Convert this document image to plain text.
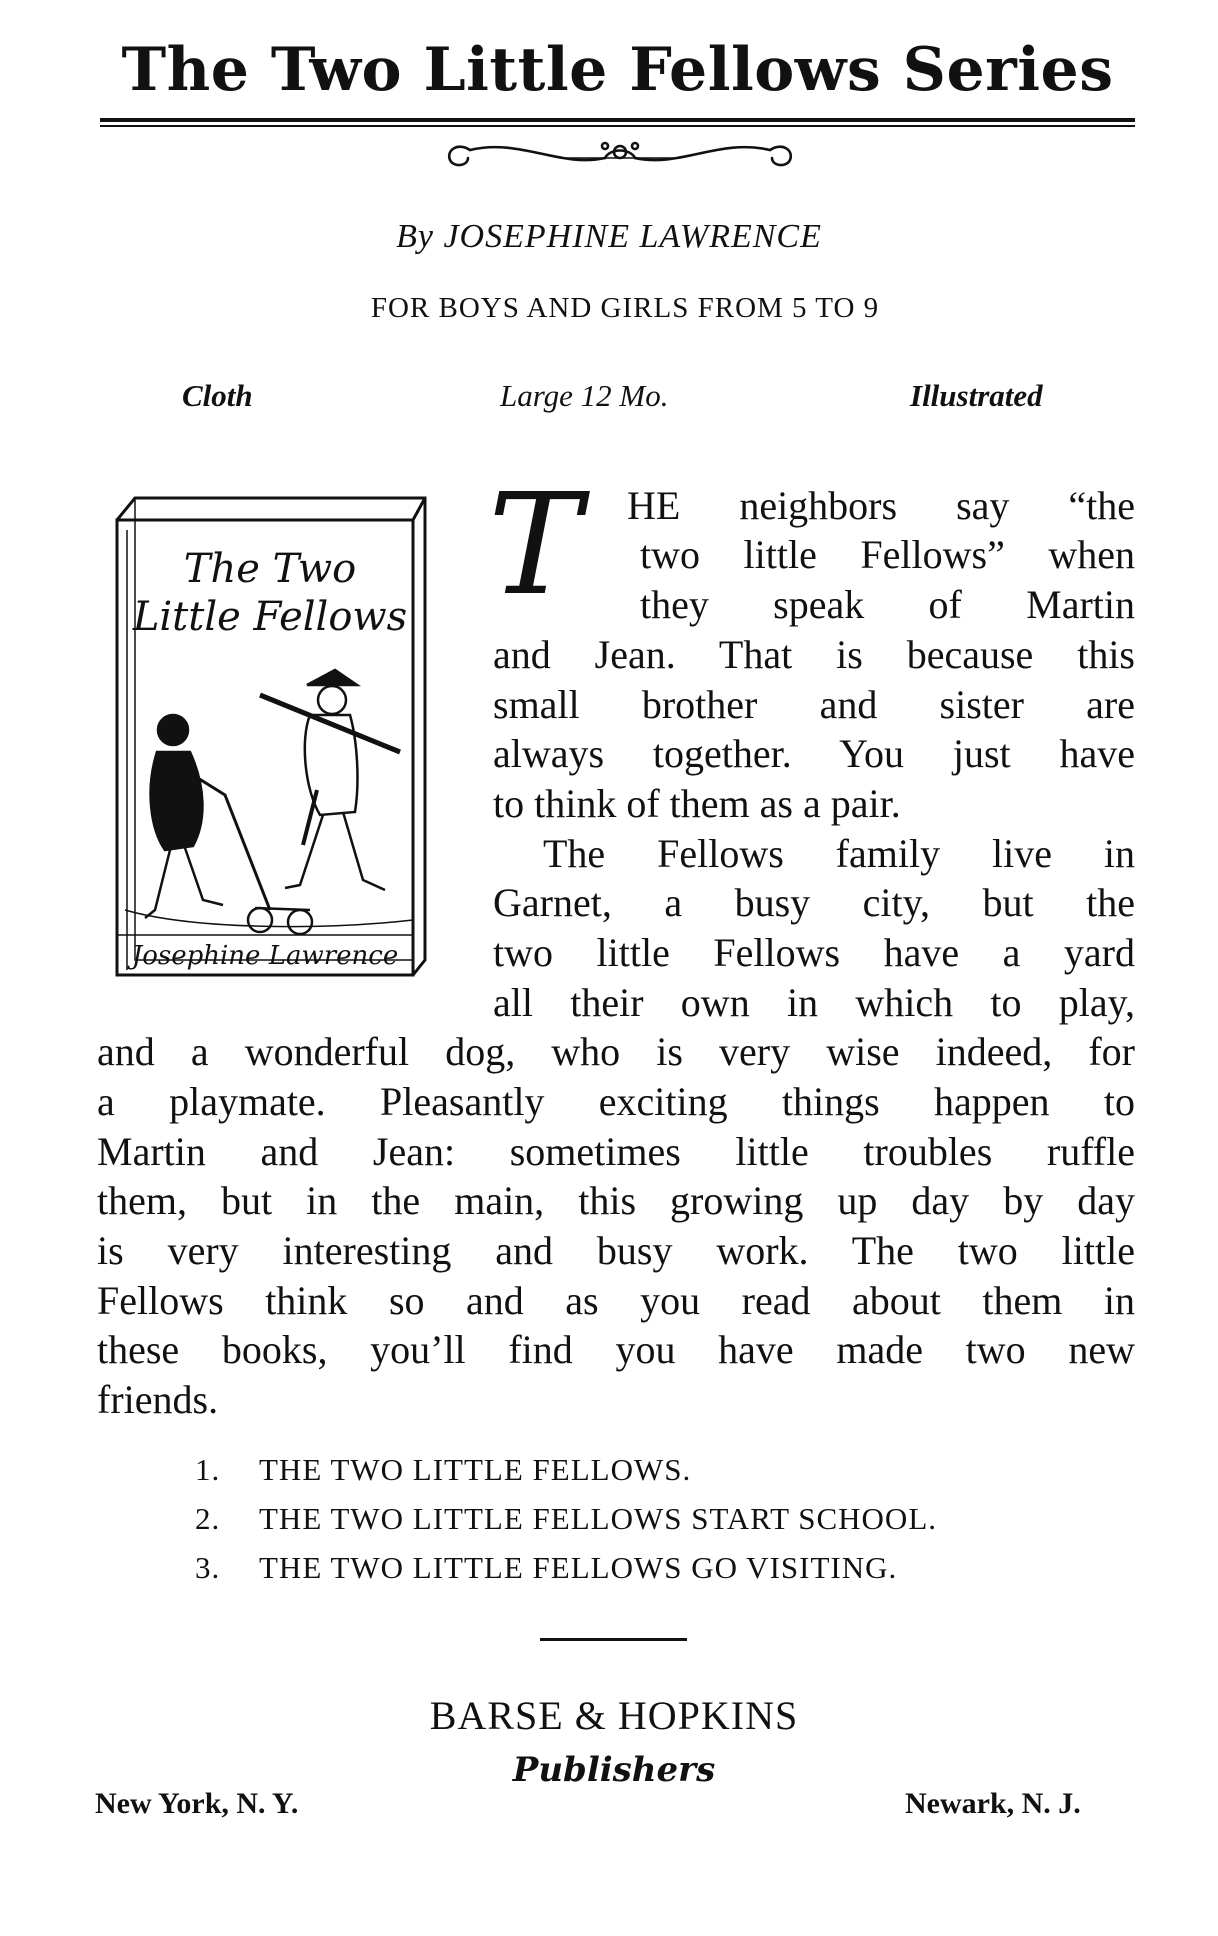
The Two Little Fellows Series
By JOSEPHINE LAWRENCE
FOR BOYS AND GIRLS FROM 5 TO 9
Cloth	Large 12 Mo.	Illustrated
The Two
Little Fellows
Josephine Lawrence
T HE neighbors say “the
two little Fellows” when
they speak of Martin
and Jean. That is because this
small brother and sister are
always together. You just have
to think of them as a pair.
The Fellows family live in
Garnet, a busy city, but the
two little Fellows have a yard
all their own in which to play,
and a wonderful dog, who is very wise indeed, for
a playmate. Pleasantly exciting things happen to
Martin and Jean: sometimes little troubles ruffle
them, but in the main, this growing up day by day
is very interesting and busy work. The two little
Fellows think so and as you read about them in
these books, you’ll find you have made two new
friends.
1. THE TWO LITTLE FELLOWS.
2. THE TWO LITTLE FELLOWS START SCHOOL.
3. THE TWO LITTLE FELLOWS GO VISITING.
BARSE & HOPKINS
Publishers
New York, N. Y.	Newark, N. J.
